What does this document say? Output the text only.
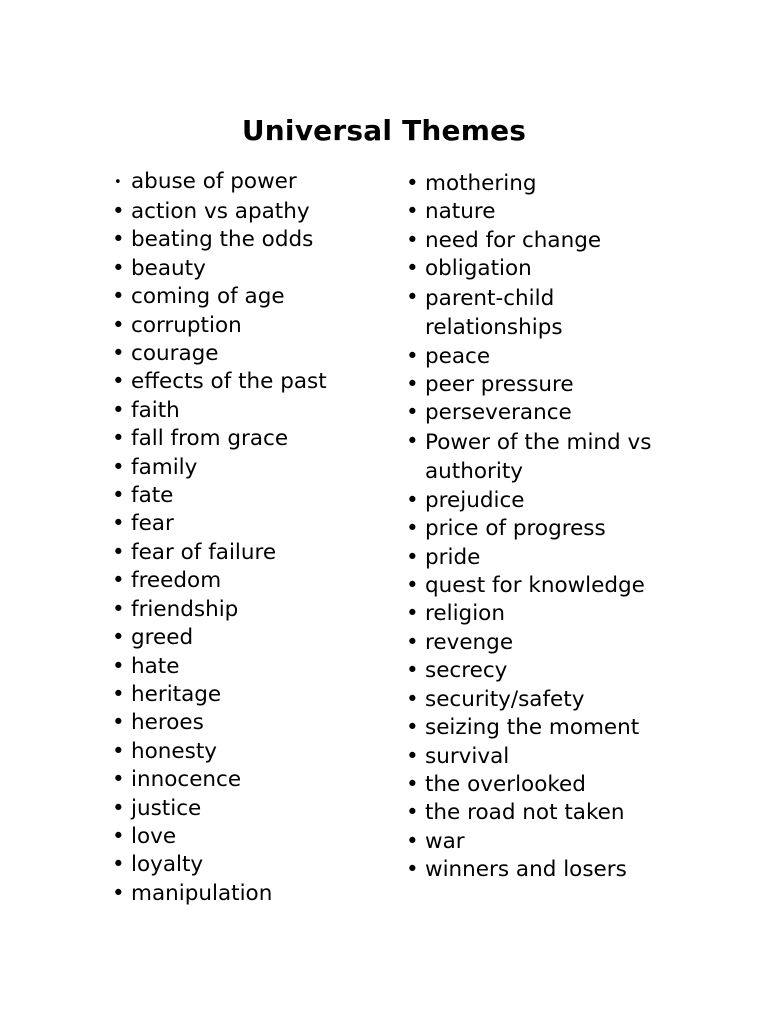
Universal Themes
• abuse of power
• action vs apathy
• beating the odds
• beauty
• coming of age
• corruption
• courage
• effects of the past
• faith
• fall from grace
• family
• fate
• fear
• fear of failure
• freedom
• friendship
• greed
• hate
• heritage
• heroes
• honesty
• innocence
• justice
• love
• loyalty
• manipulation
• mothering
• nature
• need for change
• obligation
• parent-child
relationships
• peace
• peer pressure
• perseverance
• Power of the mind vs
authority
• prejudice
• price of progress
• pride
• quest for knowledge
• religion
• revenge
• secrecy
• security/safety
• seizing the moment
• survival
• the overlooked
• the road not taken
• war
• winners and losers
